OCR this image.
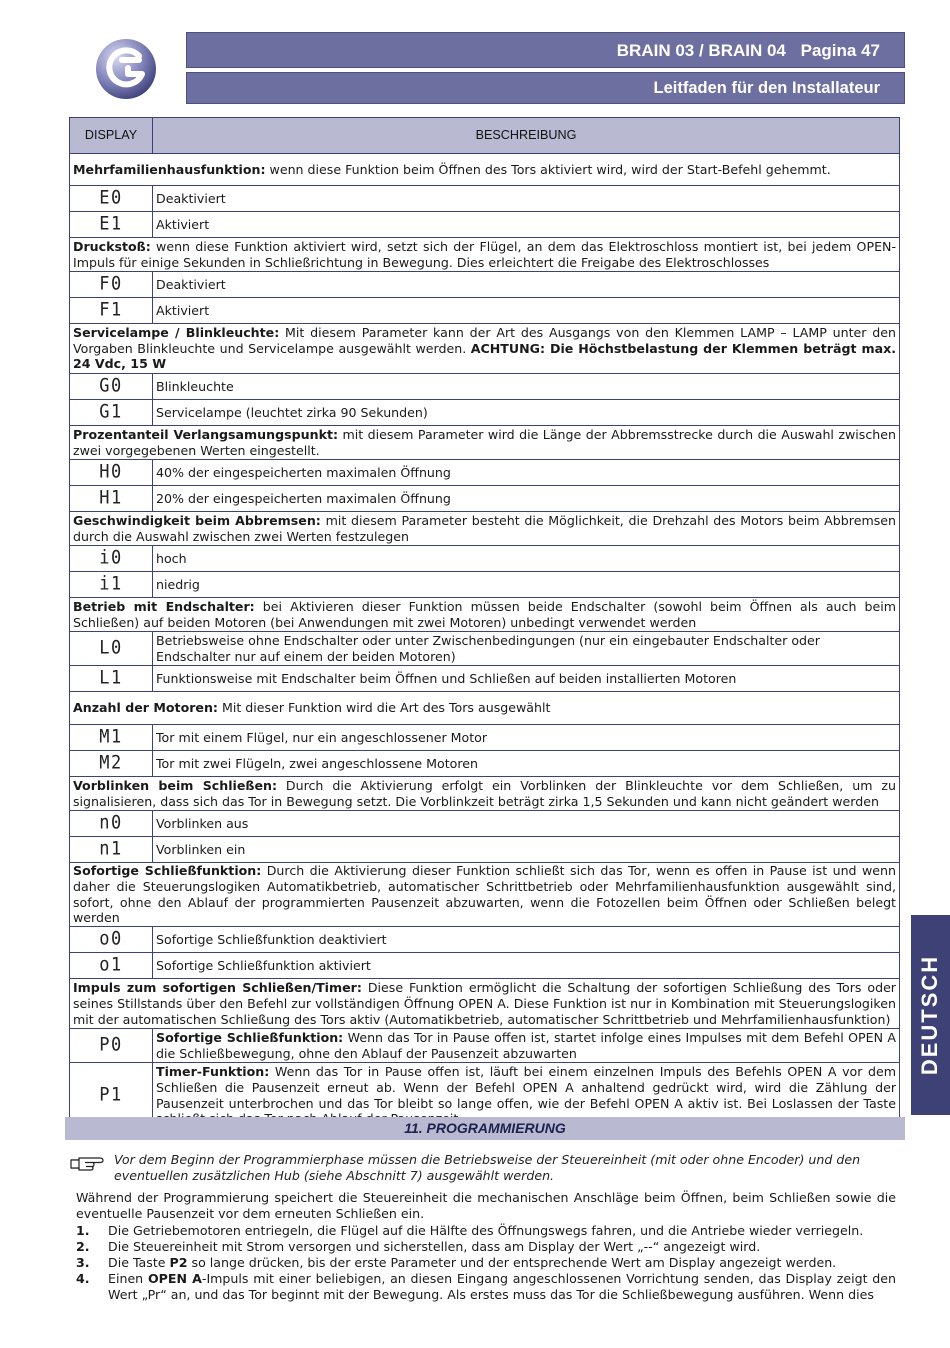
BRAIN 03 / BRAIN 04 Pagina 47
Leitfaden für den Installateur
DISPLAY	BESCHREIBUNG
Mehrfamilienhausfunktion: wenn diese Funktion beim Öffnen des Tors aktiviert wird, wird der Start-Befehl gehemmt.	
E0	Deaktiviert
E1	Aktiviert
Druckstoß: wenn diese Funktion aktiviert wird, setzt sich der Flügel, an dem das Elektroschloss montiert ist, bei jedem OPEN-Impuls für einige Sekunden in Schließrichtung in Bewegung. Dies erleichtert die Freigabe des Elektroschlosses	
F0	Deaktiviert
F1	Aktiviert
Servicelampe / Blinkleuchte: Mit diesem Parameter kann der Art des Ausgangs von den Klemmen LAMP – LAMP unter den Vorgaben Blinkleuchte und Servicelampe ausgewählt werden. ACHTUNG: Die Höchstbelastung der Klemmen beträgt max. 24 Vdc, 15 W	
G0	Blinkleuchte
G1	Servicelampe (leuchtet zirka 90 Sekunden)
Prozentanteil Verlangsamungspunkt: mit diesem Parameter wird die Länge der Abbremsstrecke durch die Auswahl zwischen zwei vorgegebenen Werten eingestellt.	
H0	40% der eingespeicherten maximalen Öffnung
H1	20% der eingespeicherten maximalen Öffnung
Geschwindigkeit beim Abbremsen: mit diesem Parameter besteht die Möglichkeit, die Drehzahl des Motors beim Abbremsen durch die Auswahl zwischen zwei Werten festzulegen	
i0	hoch
i1	niedrig
Betrieb mit Endschalter: bei Aktivieren dieser Funktion müssen beide Endschalter (sowohl beim Öffnen als auch beim Schließen) auf beiden Motoren (bei Anwendungen mit zwei Motoren) unbedingt verwendet werden	
L0	Betriebsweise ohne Endschalter oder unter Zwischenbedingungen (nur ein eingebauter Endschalter oder Endschalter nur auf einem der beiden Motoren)
L1	Funktionsweise mit Endschalter beim Öffnen und Schließen auf beiden installierten Motoren
Anzahl der Motoren: Mit dieser Funktion wird die Art des Tors ausgewählt	
M1	Tor mit einem Flügel, nur ein angeschlossener Motor
M2	Tor mit zwei Flügeln, zwei angeschlossene Motoren
Vorblinken beim Schließen: Durch die Aktivierung erfolgt ein Vorblinken der Blinkleuchte vor dem Schließen, um zu signalisieren, dass sich das Tor in Bewegung setzt. Die Vorblinkzeit beträgt zirka 1,5 Sekunden und kann nicht geändert werden	
n0	Vorblinken aus
n1	Vorblinken ein
Sofortige Schließfunktion: Durch die Aktivierung dieser Funktion schließt sich das Tor, wenn es offen in Pause ist und wenn daher die Steuerungslogiken Automatikbetrieb, automatischer Schrittbetrieb oder Mehrfamilienhausfunktion ausgewählt sind, sofort, ohne den Ablauf der programmierten Pausenzeit abzuwarten, wenn die Fotozellen beim Öffnen oder Schließen belegt werden	
o0	Sofortige Schließfunktion deaktiviert
o1	Sofortige Schließfunktion aktiviert
Impuls zum sofortigen Schließen/Timer: Diese Funktion ermöglicht die Schaltung der sofortigen Schließung des Tors oder seines Stillstands über den Befehl zur vollständigen Öffnung OPEN A. Diese Funktion ist nur in Kombination mit Steuerungslogiken mit der automatischen Schließung des Tors aktiv (Automatikbetrieb, automatischer Schrittbetrieb und Mehrfamilienhausfunktion)	
P0	Sofortige Schließfunktion: Wenn das Tor in Pause offen ist, startet infolge eines Impulses mit dem Befehl OPEN A die Schließbewegung, ohne den Ablauf der Pausenzeit abzuwarten
P1	Timer-Funktion: Wenn das Tor in Pause offen ist, läuft bei einem einzelnen Impuls des Befehls OPEN A vor dem Schließen die Pausenzeit erneut ab. Wenn der Befehl OPEN A anhaltend gedrückt wird, wird die Zählung der Pausenzeit unterbrochen und das Tor bleibt so lange offen, wie der Befehl OPEN A aktiv ist. Bei Loslassen der Taste
DEUTSCH
11. PROGRAMMIERUNG

Vor dem Beginn der Programmierphase müssen die Betriebsweise der Steuereinheit (mit oder ohne Encoder) und den eventuellen zusätzlichen Hub (siehe Abschnitt 7) ausgewählt werden.

Während der Programmierung speichert die Steuereinheit die mechanischen Anschläge beim Öffnen, beim Schließen sowie die eventuelle Pausenzeit vor dem erneuten Schließen ein.

1.	Die Getriebemotoren entriegeln, die Flügel auf die Hälfte des Öffnungswegs fahren, und die Antriebe wieder verriegeln.
2.	Die Steuereinheit mit Strom versorgen und sicherstellen, dass am Display der Wert „--“ angezeigt wird.
3.	Die Taste P2 so lange drücken, bis der erste Parameter und der entsprechende Wert am Display angezeigt werden.
4.	Einen OPEN A-Impuls mit einer beliebigen, an diesen Eingang angeschlossenen Vorrichtung senden, das Display zeigt den Wert „Pr“ an, und das Tor beginnt mit der Bewegung. Als erstes muss das Tor die Schließbewegung ausführen. Wenn dies
